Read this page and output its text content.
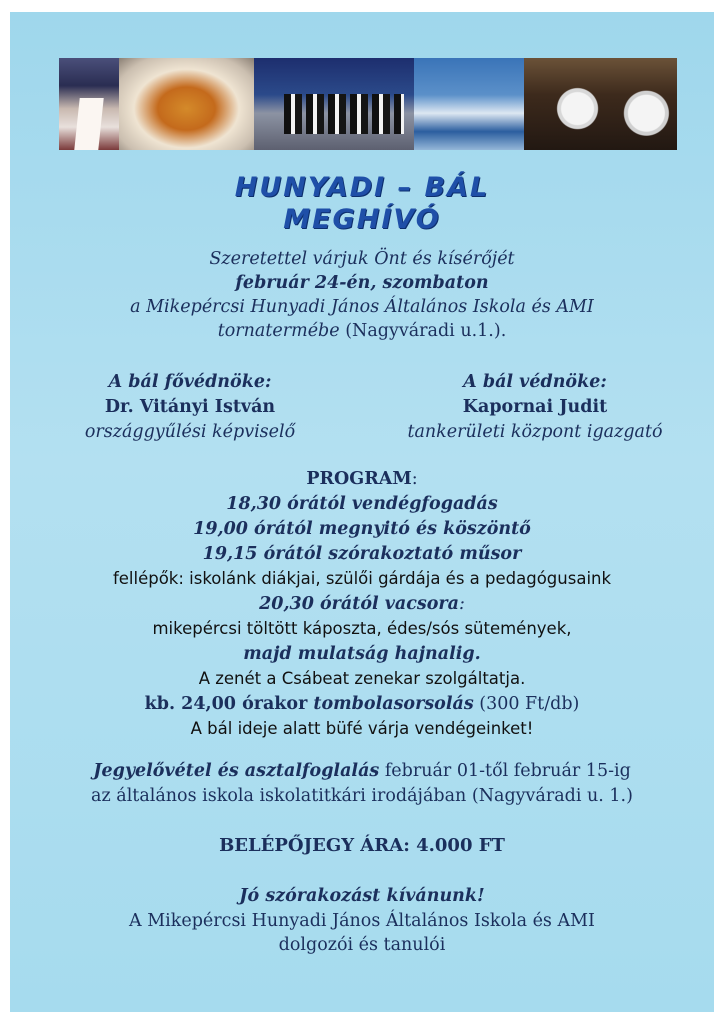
HUNYADI – BÁL
MEGHÍVÓ
Szeretettel várjuk Önt és kísérőjét
február 24-én, szombaton
a Mikepércsi Hunyadi János Általános Iskola és AMI
tornatermébe (Nagyváradi u.1.).
A bál fővédnöke:
Dr. Vitányi István
országgyűlési képviselő
A bál védnöke:
Kapornai Judit
tankerületi központ igazgató
PROGRAM:
18,30 órától vendégfogadás
19,00 órától megnyitó és köszöntő
19,15 órától szórakoztató műsor
fellépők: iskolánk diákjai, szülői gárdája és a pedagógusaink
20,30 órától vacsora:
mikepércsi töltött káposzta, édes/sós sütemények,
majd mulatság hajnalig.
A zenét a Csábeat zenekar szolgáltatja.
kb. 24,00 órakor tombolasorsolás (300 Ft/db)
A bál ideje alatt büfé várja vendégeinket!
Jegyelővétel és asztalfoglalás február 01-től február 15-ig
az általános iskola iskolatitkári irodájában (Nagyváradi u. 1.)
BELÉPŐJEGY ÁRA: 4.000 FT
Jó szórakozást kívánunk!
A Mikepércsi Hunyadi János Általános Iskola és AMI
dolgozói és tanulói
